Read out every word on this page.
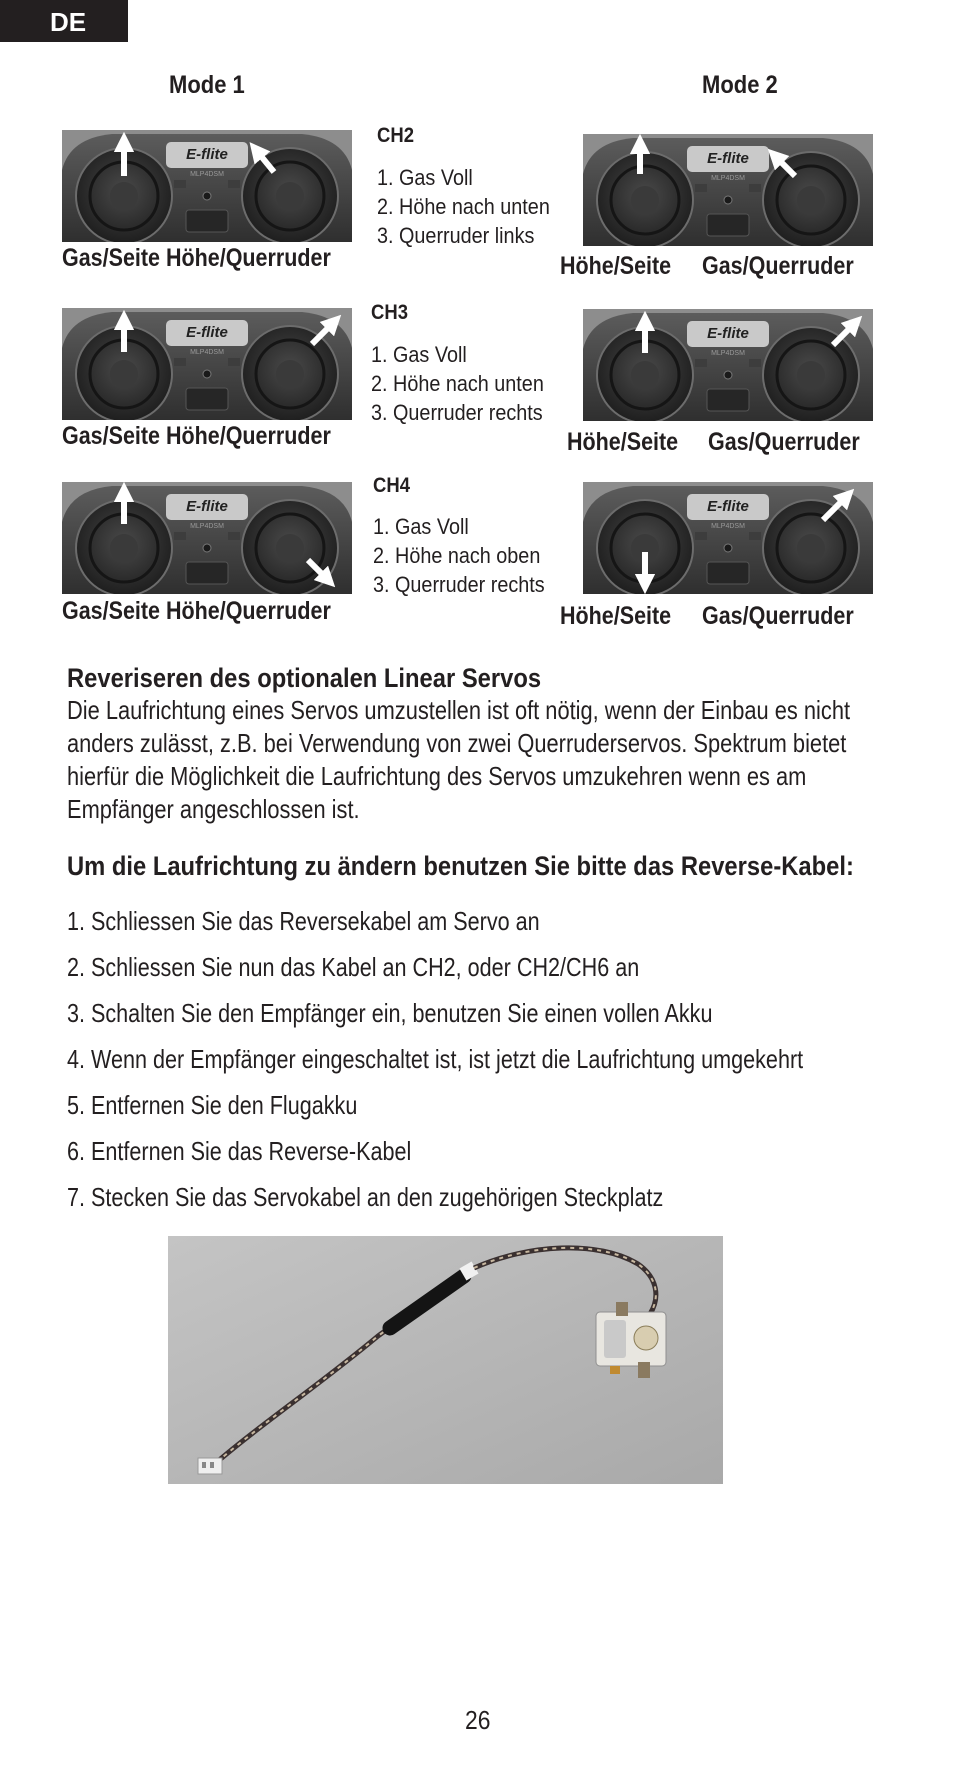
DE
Mode 1	Mode 2
CH2
1. Gas Voll
2. Höhe nach unten
3. Querruder links
Gas/Seite Höhe/Querruder	Höhe/Seite Gas/Querruder
CH3
1. Gas Voll
2. Höhe nach unten
3. Querruder rechts
Gas/Seite Höhe/Querruder	Höhe/Seite Gas/Querruder
CH4
1. Gas Voll
2. Höhe nach oben
3. Querruder rechts
Gas/Seite Höhe/Querruder	Höhe/Seite Gas/Querruder
Reveriseren des optionalen Linear Servos
Die Laufrichtung eines Servos umzustellen ist oft nötig, wenn der Einbau es nicht
anders zulässt, z.B. bei Verwendung von zwei Querruderservos. Spektrum bietet
hierfür die Möglichkeit die Laufrichtung des Servos umzukehren wenn es am
Empfänger angeschlossen ist.
Um die Laufrichtung zu ändern benutzen Sie bitte das Reverse-Kabel:
1. Schliessen Sie das Reversekabel am Servo an
2. Schliessen Sie nun das Kabel an CH2, oder CH2/CH6 an
3. Schalten Sie den Empfänger ein, benutzen Sie einen vollen Akku
4. Wenn der Empfänger eingeschaltet ist, ist jetzt die Laufrichtung umgekehrt
5. Entfernen Sie den Flugakku
6. Entfernen Sie das Reverse-Kabel
7. Stecken Sie das Servokabel an den zugehörigen Steckplatz
26
